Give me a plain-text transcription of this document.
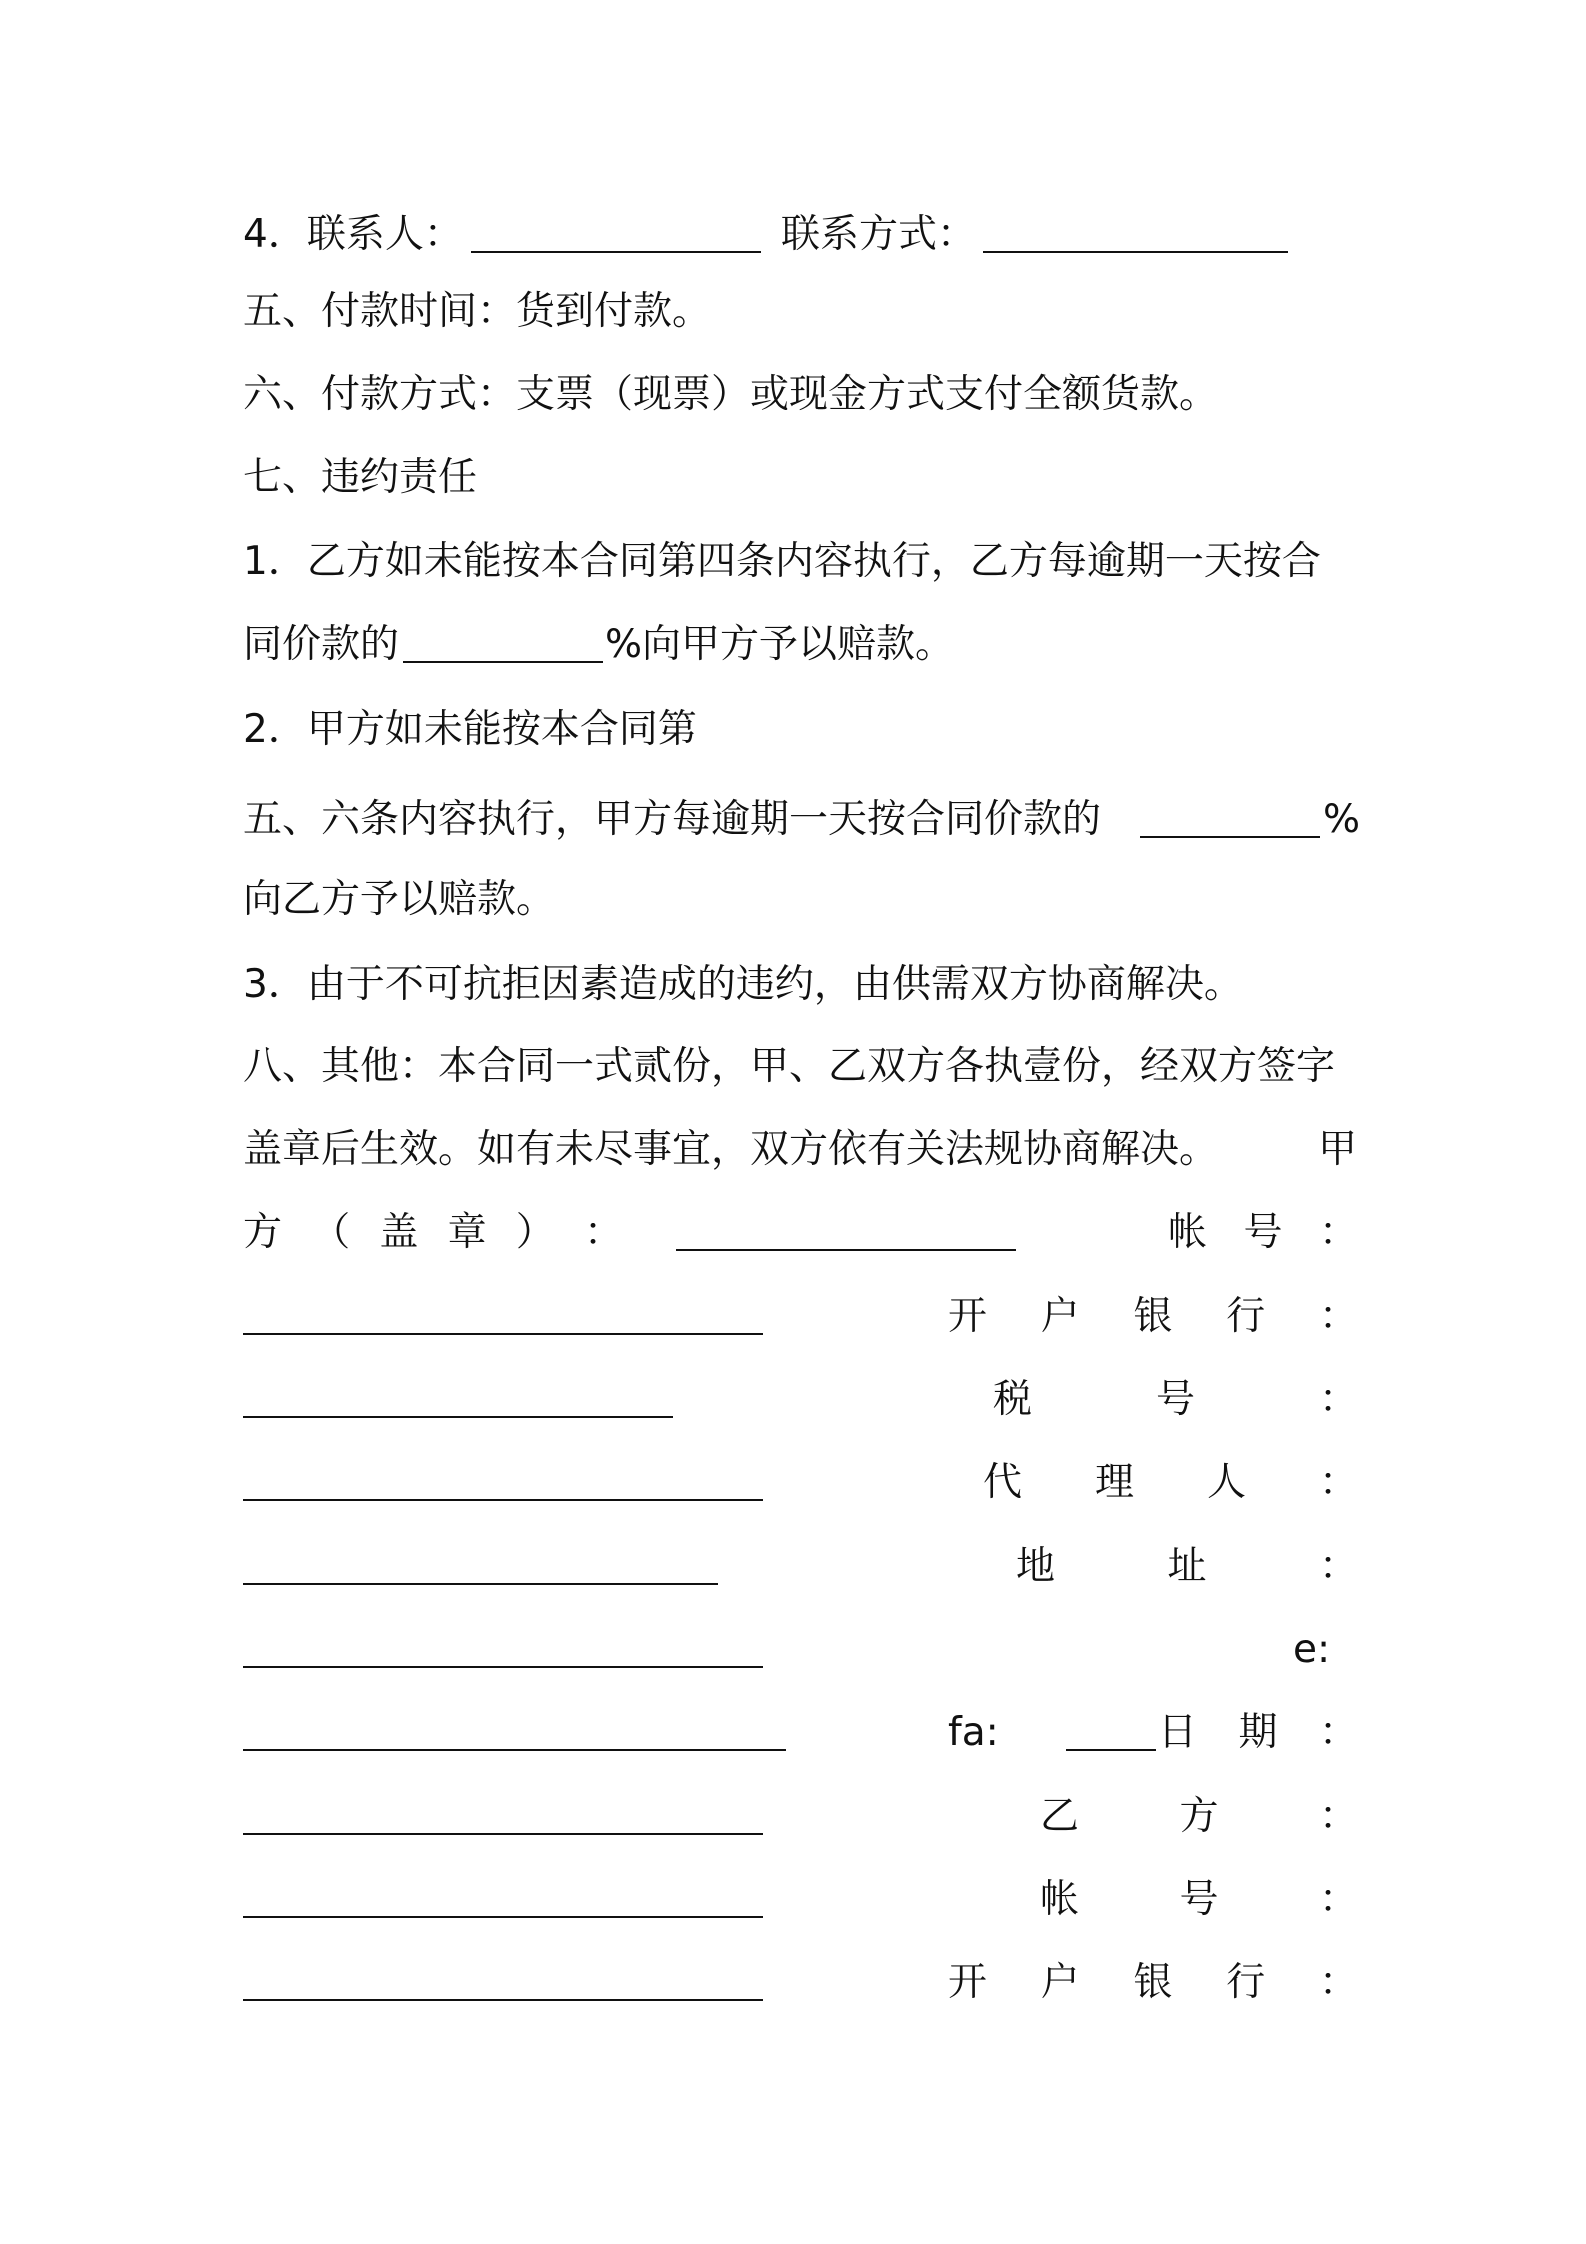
4．联系人：	联系方式：
五、付款时间：货到付款。
六、付款方式：支票（现票）或现金方式支付全额货款。
七、违约责任
1．乙方如未能按本合同第四条内容执行，乙方每逾期一天按合
同价款的	%向甲方予以赔款。
2．甲方如未能按本合同第
五、六条内容执行，甲方每逾期一天按合同价款的	%
向乙方予以赔款。
3．由于不可抗拒因素造成的违约，由供需双方协商解决。
八、其他：本合同一式贰份，甲、乙双方各执壹份，经双方签字
盖章后生效。如有未尽事宜，双方依有关法规协商解决。	甲
方 （ 盖 章 ） ：	帐 号 ：
开 户 银 行 ：
税	号	：
代 理 人 ：
地	址	：
e:
fa:	日 期 ：
乙	方	：
帐	号	：
开 户 银 行 ：
